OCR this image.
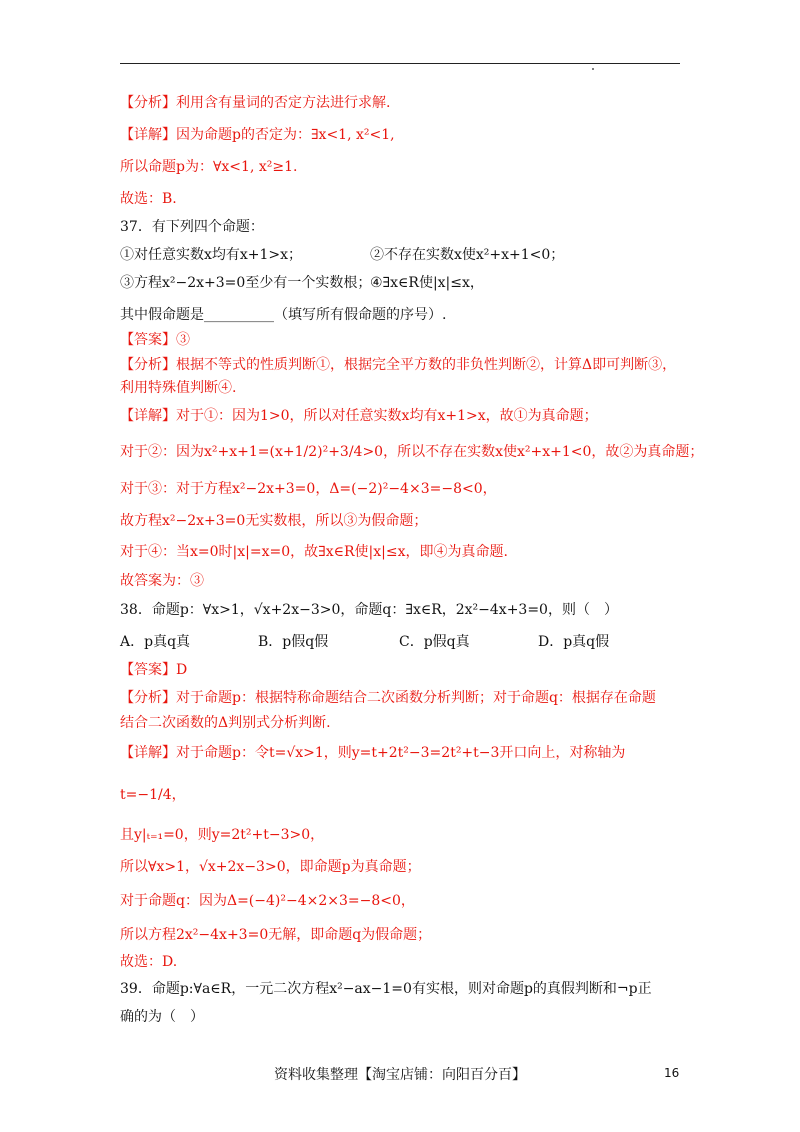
【分析】利用含有量词的否定方法进行求解.

【详解】因为命题p的否定为：∃x<1, x²<1,

所以命题p为：∀x<1, x²≥1.

故选：B.

37．有下列四个命题：

①对任意实数x均有x+1>x；	②不存在实数x使x²+x+1<0；

③方程x²−2x+3=0至少有一个实数根；④∃x∈R使|x|≤x，

其中假命题是__________（填写所有假命题的序号）.

【答案】③

【分析】根据不等式的性质判断①，根据完全平方数的非负性判断②，计算Δ即可判断③，

利用特殊值判断④.

【详解】对于①：因为1>0，所以对任意实数x均有x+1>x，故①为真命题；

对于②：因为x²+x+1=(x+1/2)²+3/4>0，所以不存在实数x使x²+x+1<0，故②为真命题；

对于③：对于方程x²−2x+3=0，Δ=(−2)²−4×3=−8<0，

故方程x²−2x+3=0无实数根，所以③为假命题；

对于④：当x=0时|x|=x=0，故∃x∈R使|x|≤x，即④为真命题.

故答案为：③

38．命题p：∀x>1，√x+2x−3>0，命题q：∃x∈R，2x²−4x+3=0，则（　）

A．p真q真	B．p假q假	C．p假q真	D．p真q假

【答案】D

【分析】对于命题p：根据特称命题结合二次函数分析判断；对于命题q：根据存在命题

结合二次函数的Δ判别式分析判断.

【详解】对于命题p：令t=√x>1，则y=t+2t²−3=2t²+t−3开口向上，对称轴为

t=−1/4，

且y|ₜ₌₁=0，则y=2t²+t−3>0，

所以∀x>1，√x+2x−3>0，即命题p为真命题；

对于命题q：因为Δ=(−4)²−4×2×3=−8<0，

所以方程2x²−4x+3=0无解，即命题q为假命题；

故选：D.

39．命题p:∀a∈R，一元二次方程x²−ax−1=0有实根，则对命题p的真假判断和¬p正

确的为（　）

资料收集整理【淘宝店铺：向阳百分百】	16
